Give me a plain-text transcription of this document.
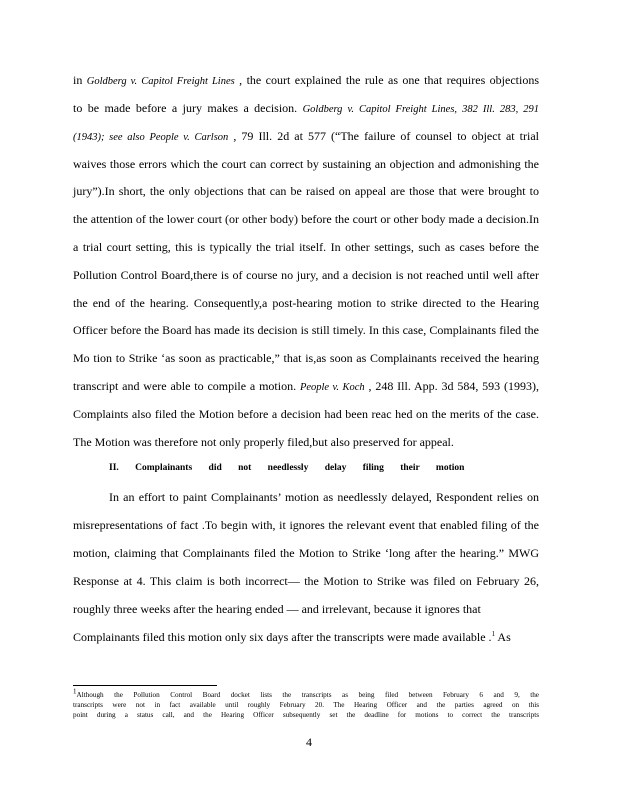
in Goldberg v. Capitol Freight Lines , the court explained the rule as one that requires objections
to be made before a jury makes a decision. Goldberg v. Capitol Freight Lines, 382 Ill. 283, 291
(1943); see also People v. Carlson , 79 Ill. 2d at 577 (“The failure of counsel to object at trial
waives those errors which the court can correct by sustaining an objection and admonishing the
jury”).In short, the only objections that can be raised on appeal are those that were brought to
the attention of the lower court (or other body) before the court or other body made a decision.In
a trial court setting, this is typically the trial itself. In other settings, such as cases before the
Pollution Control Board,there is of course no jury, and a decision is not reached until well after
the end of the hearing. Consequently,a post-hearing motion to strike directed to the Hearing
Officer before the Board has made its decision is still timely. In this case, Complainants filed the
Mo tion to Strike ‘as soon as practicable,” that is,as soon as Complainants received the hearing
transcript and were able to compile a motion. People v. Koch , 248 Ill. App. 3d 584, 593 (1993),
Complaints also filed the Motion before a decision had been reac hed on the merits of the case.
The Motion was therefore not only properly filed,but also preserved for appeal.
II. Complainants did not needlessly delay filing their motion
In an effort to paint Complainants’ motion as needlessly delayed, Respondent relies on
misrepresentations of fact .To begin with, it ignores the relevant event that enabled filing of the
motion, claiming that Complainants filed the Motion to Strike ‘long after the hearing.” MWG
Response at 4. This claim is both incorrect— the Motion to Strike was filed on February 26,
roughly three weeks after the hearing ended — and irrelevant, because it ignores that
Complainants filed this motion only six days after the transcripts were made available .$^1$ As
$^1$Although the Pollution Control Board docket lists the transcripts as being filed between February 6 and 9, the
transcripts were not in fact available until roughly February 20. The Hearing Officer and the parties agreed on this
point during a status call, and the Hearing Officer subsequently set the deadline for motions to correct the transcripts
4
